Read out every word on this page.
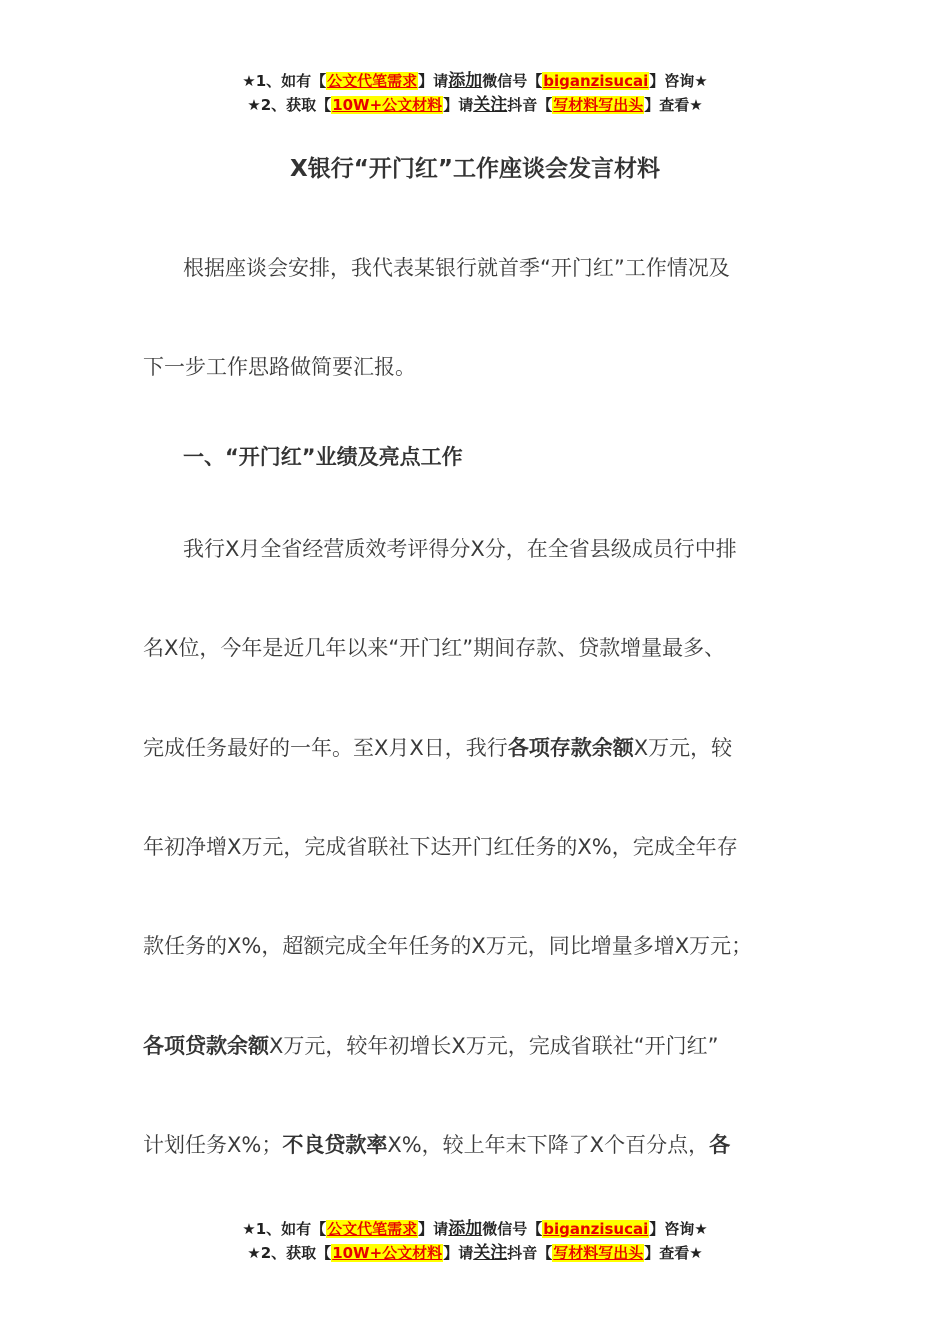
★1、如有【公文代笔需求】请添加微信号【biganzisucai】咨询★
★2、获取【10W+公文材料】请关注抖音【写材料写出头】查看★
X银行“开门红”工作座谈会发言材料
根据座谈会安排，我代表某银行就首季“开门红”工作情况及
下一步工作思路做简要汇报。
一、“开门红”业绩及亮点工作
我行X月全省经营质效考评得分X分，在全省县级成员行中排
名X位，今年是近几年以来“开门红”期间存款、贷款增量最多、
完成任务最好的一年。至X月X日，我行各项存款余额X万元，较
年初净增X万元，完成省联社下达开门红任务的X%，完成全年存
款任务的X%，超额完成全年任务的X万元，同比增量多增X万元；
各项贷款余额X万元，较年初增长X万元，完成省联社“开门红”
计划任务X%；不良贷款率X%，较上年末下降了X个百分点，各
★1、如有【公文代笔需求】请添加微信号【biganzisucai】咨询★
★2、获取【10W+公文材料】请关注抖音【写材料写出头】查看★
